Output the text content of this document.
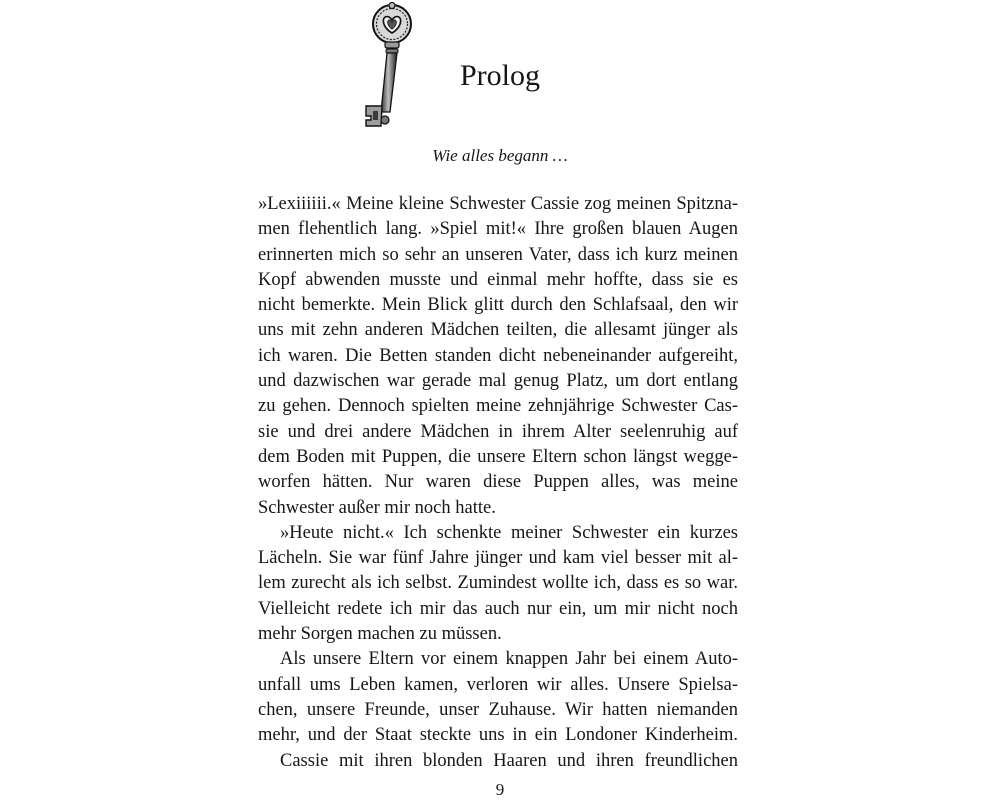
Prolog
Wie alles begann …
»Lexiiiiii.« Meine kleine Schwester Cassie zog meinen Spitzna-
men flehentlich lang. »Spiel mit!« Ihre großen blauen Augen
erinnerten mich so sehr an unseren Vater, dass ich kurz meinen
Kopf abwenden musste und einmal mehr hoffte, dass sie es
nicht bemerkte. Mein Blick glitt durch den Schlafsaal, den wir
uns mit zehn anderen Mädchen teilten, die allesamt jünger als
ich waren. Die Betten standen dicht nebeneinander aufgereiht,
und dazwischen war gerade mal genug Platz, um dort entlang
zu gehen. Dennoch spielten meine zehnjährige Schwester Cas-
sie und drei andere Mädchen in ihrem Alter seelenruhig auf
dem Boden mit Puppen, die unsere Eltern schon längst wegge-
worfen hätten. Nur waren diese Puppen alles, was meine
Schwester außer mir noch hatte.
»Heute nicht.« Ich schenkte meiner Schwester ein kurzes
Lächeln. Sie war fünf Jahre jünger und kam viel besser mit al-
lem zurecht als ich selbst. Zumindest wollte ich, dass es so war.
Vielleicht redete ich mir das auch nur ein, um mir nicht noch
mehr Sorgen machen zu müssen.
Als unsere Eltern vor einem knappen Jahr bei einem Auto-
unfall ums Leben kamen, verloren wir alles. Unsere Spielsa-
chen, unsere Freunde, unser Zuhause. Wir hatten niemanden
mehr, und der Staat steckte uns in ein Londoner Kinderheim.
Cassie mit ihren blonden Haaren und ihren freundlichen
9
